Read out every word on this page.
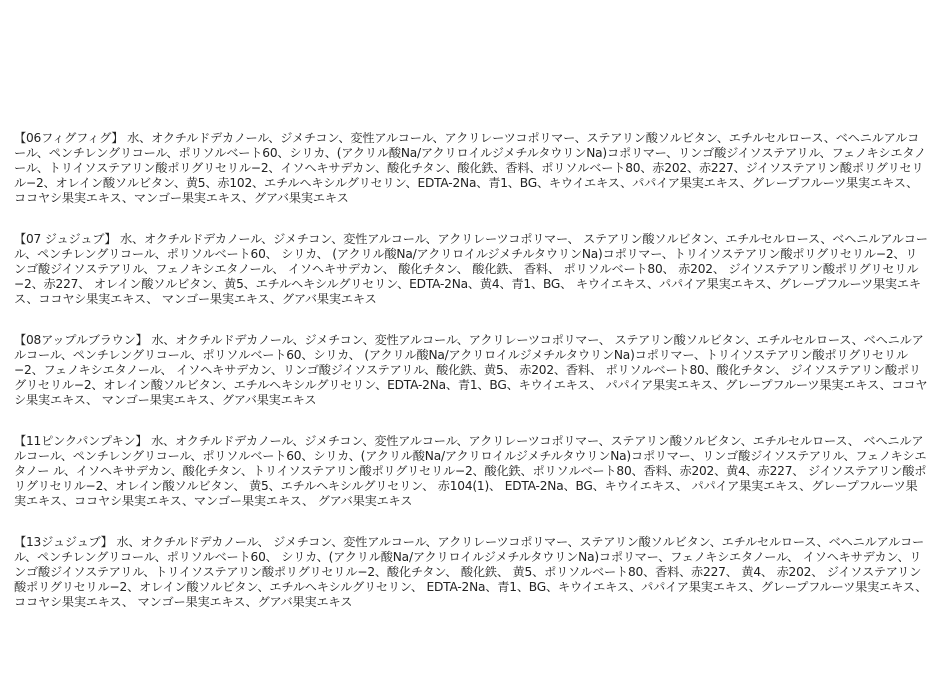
【06フィグフィグ】 水、オクチルドデカノール、ジメチコン、変性アルコール、アクリレーツコポリマー、ステアリン酸ソルビタン、エチルセルロース、ベヘニルアルコール、ペンチレングリコール、ポリソルベート60、シリカ、(アクリル酸Na/アクリロイルジメチルタウリンNa)コポリマー、リンゴ酸ジイソステアリル、フェノキシエタノール、トリイソステアリン酸ポリグリセリル−2、イソヘキサデカン、酸化チタン、酸化鉄、香料、ポリソルベート80、赤202、赤227、ジイソステアリン酸ポリグリセリル−2、オレイン酸ソルビタン、黄5、赤102、エチルヘキシルグリセリン、EDTA-2Na、青1、BG、キウイエキス、パパイア果実エキス、グレープフルーツ果実エキス、ココヤシ果実エキス、マンゴー果実エキス、グアバ果実エキス

【07 ジュジュブ】 水、オクチルドデカノール、ジメチコン、変性アルコール、アクリレーツコポリマー、 ステアリン酸ソルビタン、エチルセルロース、ベヘニルアルコール、ペンチレングリコール、ポリソルベート60、 シリカ、 (アクリル酸Na/アクリロイルジメチルタウリンNa)コポリマー、トリイソステアリン酸ポリグリセリル−2、リンゴ酸ジイソステアリル、フェノキシエタノール、 イソヘキサデカン、 酸化チタン、 酸化鉄、 香料、 ポリソルベート80、 赤202、 ジイソステアリン酸ポリグリセリル−2、赤227、 オレイン酸ソルビタン、黄5、エチルヘキシルグリセリン、EDTA-2Na、黄4、青1、BG、 キウイエキス、パパイア果実エキス、グレープフルーツ果実エキス、ココヤシ果実エキス、 マンゴー果実エキス、グアバ果実エキス

【08アップルブラウン】 水、オクチルドデカノール、ジメチコン、変性アルコール、アクリレーツコポリマー、 ステアリン酸ソルビタン、エチルセルロース、ベヘニルアルコール、ペンチレングリコール、ポリソルベート60、シリカ、 (アクリル酸Na/アクリロイルジメチルタウリンNa)コポリマー、トリイソステアリン酸ポリグリセリル−2、フェノキシエタノール、 イソヘキサデカン、リンゴ酸ジイソステアリル、酸化鉄、黄5、 赤202、香料、 ポリソルベート80、酸化チタン、 ジイソステアリン酸ポリグリセリル−2、オレイン酸ソルビタン、エチルヘキシルグリセリン、EDTA-2Na、青1、BG、キウイエキス、 パパイア果実エキス、グレープフルーツ果実エキス、ココヤシ果実エキス、 マンゴー果実エキス、グアバ果実エキス

【11ピンクパンプキン】 水、オクチルドデカノール、ジメチコン、変性アルコール、アクリレーツコポリマー、ステアリン酸ソルビタン、エチルセルロース、 ベヘニルアルコール、ペンチレングリコール、ポリソルベート60、シリカ、(アクリル酸Na/アクリロイルジメチルタウリンNa)コポリマー、リンゴ酸ジイソステアリル、フェノキシエタノー ル、イソヘキサデカン、酸化チタン、トリイソステアリン酸ポリグリセリル−2、酸化鉄、ポリソルベート80、香料、赤202、黄4、赤227、 ジイソステアリン酸ポリグリセリル−2、オレイン酸ソルビタン、 黄5、エチルヘキシルグリセリン、 赤104(1)、 EDTA-2Na、BG、キウイエキス、 パパイア果実エキス、グレープフルーツ果実エキス、ココヤシ果実エキス、マンゴー果実エキス、 グアバ果実エキス

【13ジュジュブ】 水、オクチルドデカノール、 ジメチコン、変性アルコール、アクリレーツコポリマー、ステアリン酸ソルビタン、エチルセルロース、ベヘニルアルコール、ペンチレングリコール、ポリソルベート60、 シリカ、(アクリル酸Na/アクリロイルジメチルタウリンNa)コポリマー、フェノキシエタノール、 イソヘキサデカン、リンゴ酸ジイソステアリル、トリイソステアリン酸ポリグリセリル−2、酸化チタン、 酸化鉄、 黄5、ポリソルベート80、香料、赤227、 黄4、 赤202、 ジイソステアリン酸ポリグリセリル−2、オレイン酸ソルビタン、エチルヘキシルグリセリン、 EDTA-2Na、青1、BG、キウイエキス、パパイア果実エキス、グレープフルーツ果実エキス、 ココヤシ果実エキス、 マンゴー果実エキス、グアバ果実エキス
